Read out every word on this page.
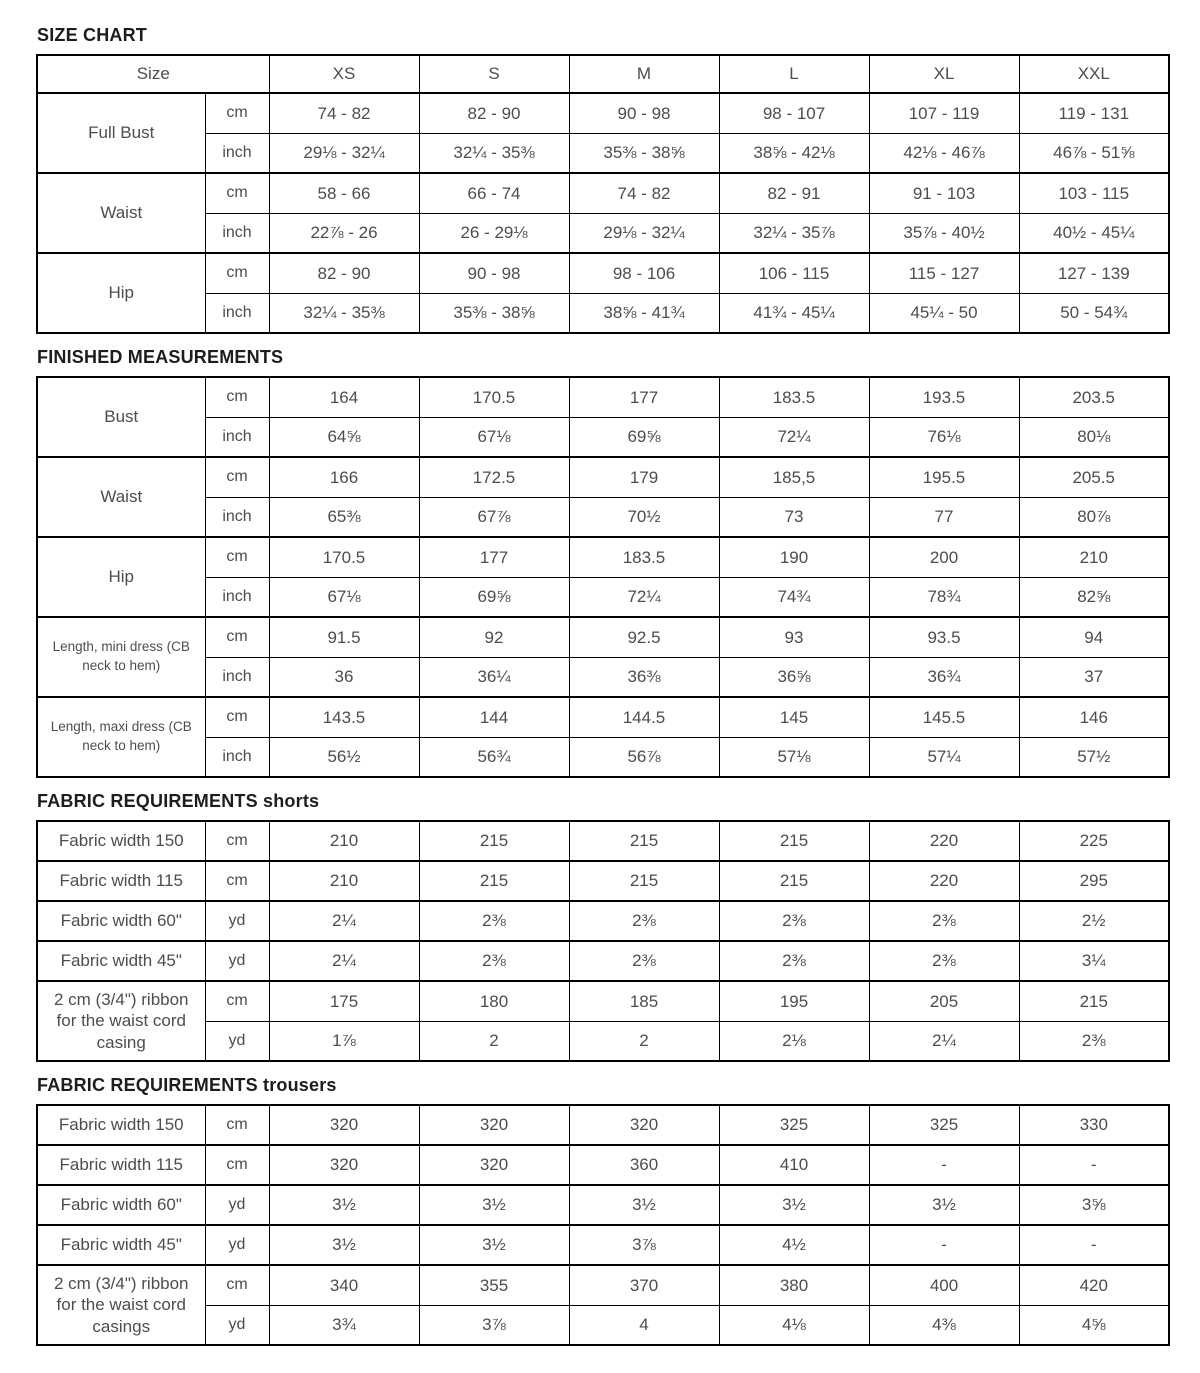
SIZE CHART
Size		XS	S	M	L	XL	XXL
Full Bust	cm	74 - 82	82 - 90	90 - 98	98 - 107	107 - 119	119 - 131
	inch	29⅛ - 32¼	32¼ - 35⅜	35⅜ - 38⅝	38⅝ - 42⅛	42⅛ - 46⅞	46⅞ - 51⅝
Waist	cm	58 - 66	66 - 74	74 - 82	82 - 91	91 - 103	103 - 115
	inch	22⅞ - 26	26 - 29⅛	29⅛ - 32¼	32¼ - 35⅞	35⅞ - 40½	40½ - 45¼
Hip	cm	82 - 90	90 - 98	98 - 106	106 - 115	115 - 127	127 - 139
	inch	32¼ - 35⅜	35⅜ - 38⅝	38⅝ - 41¾	41¾ - 45¼	45¼ - 50	50 - 54¾
FINISHED MEASUREMENTS
Bust	cm	164	170.5	177	183.5	193.5	203.5
	inch	64⅝	67⅛	69⅝	72¼	76⅛	80⅛
Waist	cm	166	172.5	179	185,5	195.5	205.5
	inch	65⅜	67⅞	70½	73	77	80⅞
Hip	cm	170.5	177	183.5	190	200	210
	inch	67⅛	69⅝	72¼	74¾	78¾	82⅝
Length, mini dress (CB neck to hem)	cm	91.5	92	92.5	93	93.5	94
	inch	36	36¼	36⅜	36⅝	36¾	37
Length, maxi dress (CB neck to hem)	cm	143.5	144	144.5	145	145.5	146
	inch	56½	56¾	56⅞	57⅛	57¼	57½
FABRIC REQUIREMENTS shorts
Fabric width 150	cm	210	215	215	215	220	225
Fabric width 115	cm	210	215	215	215	220	295
Fabric width 60"	yd	2¼	2⅜	2⅜	2⅜	2⅜	2½
Fabric width 45"	yd	2¼	2⅜	2⅜	2⅜	2⅜	3¼
2 cm (3/4") ribbon for the waist cord casing	cm	175	180	185	195	205	215
	yd	1⅞	2	2	2⅛	2¼	2⅜
FABRIC REQUIREMENTS trousers
Fabric width 150	cm	320	320	320	325	325	330
Fabric width 115	cm	320	320	360	410	-	-
Fabric width 60"	yd	3½	3½	3½	3½	3½	3⅝
Fabric width 45"	yd	3½	3½	3⅞	4½	-	-
2 cm (3/4") ribbon for the waist cord casings	cm	340	355	370	380	400	420
	yd	3¾	3⅞	4	4⅛	4⅜	4⅝
